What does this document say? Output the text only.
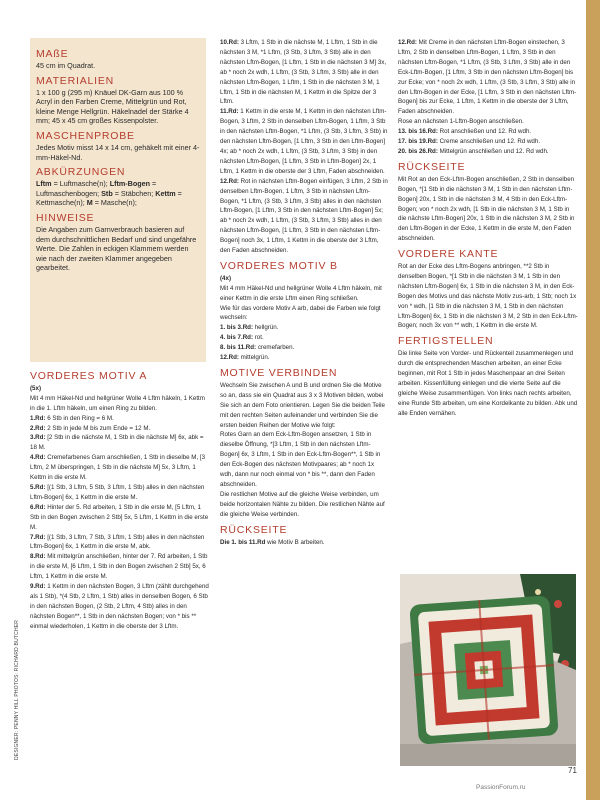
DESIGNER: PENNY HILL PHOTOS: RICHARD BUTCHER
MAßE

45 cm im Quadrat.

MATERIALIEN

1 x 100 g (295 m) Knäuel DK-Garn aus 100 % Acryl in den Farben Creme, Mittelgrün und Rot, kleine Menge Hellgrün. Häkelnadel der Stärke 4 mm; 45 x 45 cm großes Kissenpolster.

MASCHENPROBE

Jedes Motiv misst 14 x 14 cm, gehäkelt mit einer 4-mm-Häkel-Nd.

ABKÜRZUNGEN

Lftm = Luftmasche(n); Lftm-Bogen = Luftmaschenbogen; Stb = Stäbchen; Kettm = Kettmasche(n); M = Masche(n);

HINWEISE

Die Angaben zum Garnverbrauch basieren auf dem durchschnittlichen Bedarf und sind ungefähre Werte. Die Zahlen in eckigen Klammern werden wie nach der zweiten Klammer angegeben gearbeitet.

VORDERES MOTIV A

(5x)

Mit 4 mm Häkel-Nd und hellgrüner Wolle 4 Lftm häkeln, 1 Kettm in die 1. Lftm häkeln, um einen Ring zu bilden.

1.Rd: 6 Stb in den Ring = 6 M.

2.Rd: 2 Stb in jede M bis zum Ende = 12 M.

3.Rd: [2 Stb in die nächste M, 1 Stb in die nächste M] 6x, abk = 18 M.

4.Rd: Cremefarbenes Garn anschließen, 1 Stb in dieselbe M, [3 Lftm, 2 M überspringen, 1 Stb in die nächste M] 5x, 3 Lftm, 1 Kettm in die erste M.

5.Rd: [(1 Stb, 3 Lftm, 5 Stb, 3 Lftm, 1 Stb) alles in den nächsten Lftm-Bogen] 6x, 1 Kettm in die erste M.

6.Rd: Hinter der 5. Rd arbeiten, 1 Stb in die erste M, [5 Lftm, 1 Stb in den Bogen zwischen 2 Stb] 5x, 5 Lftm, 1 Kettm in die erste M.

7.Rd: [(1 Stb, 3 Lftm, 7 Stb, 3 Lftm, 1 Stb) alles in den nächsten Lftm-Bogen] 6x, 1 Kettm in die erste M, abk.

8.Rd: Mit mittelgrün anschließen, hinter der 7. Rd arbeiten, 1 Stb in die erste M, [6 Lftm, 1 Stb in den Bogen zwischen 2 Stb] 5x, 6 Lftm, 1 Kettm in die erste M.

9.Rd: 1 Kettm in den nächsten Bogen, 3 Lftm (zählt durchgehend als 1 Stb), *(4 Stb, 2 Lftm, 1 Stb) alles in denselben Bogen, 6 Stb in den nächsten Bogen, (2 Stb, 2 Lftm, 4 Stb) alles in den nächsten Bogen**, 1 Stb in den nächsten Bogen; von * bis ** einmal wiederholen, 1 Kettm in die oberste der 3 Lftm.

10.Rd: 3 Lftm, 1 Stb in die nächste M, 1 Lftm, 1 Stb in die nächsten 3 M, *1 Lftm, (3 Stb, 3 Lftm, 3 Stb) alle in den nächsten Lftm-Bogen, [1 Lftm, 1 Stb in die nächsten 3 M] 3x, ab * noch 2x wdh, 1 Lftm, (3 Stb, 3 Lftm, 3 Stb) alle in den nächsten Lftm-Bogen, 1 Lftm, 1 Stb in die nächsten 3 M, 1 Lftm, 1 Stb in die nächsten M, 1 Kettm in die Spitze der 3 Lftm.

11.Rd: 1 Kettm in die erste M, 1 Kettm in den nächsten Lftm-Bogen, 3 Lftm, 2 Stb in denselben Lftm-Bogen, 1 Lftm, 3 Stb in den nächsten Lftm-Bogen, *1 Lftm, (3 Stb, 3 Lftm, 3 Stb) in den nächsten Lftm-Bogen, [1 Lftm, 3 Stb in den Lftm-Bogen] 4x; ab * noch 2x wdh, 1 Lftm, (3 Stb, 3 Lftm, 3 Stb) in den nächsten Lftm-Bogen, [1 Lftm, 3 Stb in Lftm-Bogen] 2x, 1 Lftm, 1 Kettm in die oberste der 3 Lftm, Faden abschneiden.

12.Rd: Rot in nächsten Lftm-Bogen einfügen, 3 Lftm, 2 Stb in denselben Lftm-Bogen, 1 Lftm, 3 Stb in nächsten Lftm-Bogen, *1 Lftm, (3 Stb, 3 Lftm, 3 Stb) alles in den nächsten Lftm-Bogen, [1 Lftm, 3 Stb in den nächsten Lftm-Bogen] 5x; ab * noch 2x wdh, 1 Lftm, (3 Stb, 3 Lftm, 3 Stb) alles in den nächsten Lftm-Bogen, [1 Lftm, 3 Stb in den nächsten Lftm-Bogen] noch 3x, 1 Lftm, 1 Kettm in die oberste der 3 Lftm, den Faden abschneiden.

VORDERES MOTIV B

(4x)

Mit 4 mm Häkel-Nd und hellgrüner Wolle 4 Lftm häkeln, mit einer Kettm in die erste Lftm einen Ring schließen.

Wie für das vordere Motiv A arb, dabei die Farben wie folgt wechseln:

1. bis 3.Rd: hellgrün.

4. bis 7.Rd: rot.

8. bis 11.Rd: cremefarben.

12.Rd: mittelgrün.

MOTIVE VERBINDEN

Wechseln Sie zwischen A und B und ordnen Sie die Motive so an, dass sie ein Quadrat aus 3 x 3 Motiven bilden, wobei Sie sich an dem Foto orientieren. Legen Sie die beiden Teile mit den rechten Seiten aufeinander und verbinden Sie die ersten beiden Reihen der Motive wie folgt:

Rotes Garn an dem Eck-Lftm-Bogen ansetzen, 1 Stb in dieselbe Öffnung, *[3 Lftm, 1 Stb in den nächsten Lftm-Bogen] 6x, 3 Lftm, 1 Stb in den Eck-Lftm-Bogen**, 1 Stb in den Eck-Bogen des nächsten Motivpaares; ab * noch 1x wdh, dann nur noch einmal von * bis **, dann den Faden abschneiden.

Die restlichen Motive auf die gleiche Weise verbinden, um beide horizontalen Nähte zu bilden. Die restlichen Nähte auf die gleiche Weise verbinden.

RÜCKSEITE

Die 1. bis 11.Rd wie Motiv B arbeiten.

12.Rd: Mit Creme in den nächsten Lftm-Bogen einstechen, 3 Lftm, 2 Stb in denselben Lftm-Bogen, 1 Lftm, 3 Stb in den nächsten Lftm-Bogen, *1 Lftm, (3 Stb, 3 Lftm, 3 Stb) alle in den Eck-Lftm-Bogen, [1 Lftm, 3 Stb in den nächsten Lftm-Bogen] bis zur Ecke; von * noch 2x wdh, 1 Lftm, (3 Stb, 3 Lftm, 3 Stb) alle in den Lftm-Bogen in der Ecke, [1 Lftm, 3 Stb in den nächsten Lftm-Bogen] bis zur Ecke, 1 Lftm, 1 Kettm in die oberste der 3 Lftm, Faden abschneiden.

Rose an nächsten 1-Lftm-Bogen anschließen.

13. bis 16.Rd: Rot anschließen und 12. Rd wdh.

17. bis 19.Rd: Creme anschließen und 12. Rd wdh.

20. bis 26.Rd: Mittelgrün anschließen und 12. Rd wdh.

RÜCKSEITE

Mit Rot an den Eck-Lftm-Bogen anschließen, 2 Stb in denselben Bogen, *[1 Stb in die nächsten 3 M, 1 Stb in den nächsten Lftm-Bogen] 20x, 1 Stb in die nächsten 3 M, 4 Stb in den Eck-Lftm-Bogen; von * noch 2x wdh, [1 Stb in die nächsten 3 M, 1 Stb in die nächste Lftm-Bogen] 20x, 1 Stb in die nächsten 3 M, 2 Stb in den Lftm-Bogen in der Ecke, 1 Kettm in die erste M, den Faden abschneiden.

VORDERE KANTE

Rot an der Ecke des Lftm-Bogens anbringen, **2 Stb in denselben Bogen, *[1 Stb in die nächsten 3 M, 1 Stb in den nächsten Lftm-Bogen] 6x, 1 Stb in die nächsten 3 M, in den Eck-Bogen des Motivs und das nächste Motiv zus-arb, 1 Stb; noch 1x von * wdh, [1 Stb in die nächsten 3 M, 1 Stb in den nächsten Lftm-Bogen] 6x, 1 Stb in die nächsten 3 M, 2 Stb in den Eck-Lftm-Bogen; noch 3x von ** wdh, 1 Kettm in die erste M.

FERTIGSTELLEN

Die linke Seite von Vorder- und Rückenteil zusammenlegen und durch die entsprechenden Maschen arbeiten, an einer Ecke beginnen, mit Rot 1 Stb in jedes Maschenpaar an drei Seiten arbeiten. Kissenfüllung einlegen und die vierte Seite auf die gleiche Weise zusammenfügen. Von links nach rechts arbeiten, eine Runde Stb arbeiten, um eine Kordelkante zu bilden. Abk und alle Enden vernähen.

71
PassionForum.ru
